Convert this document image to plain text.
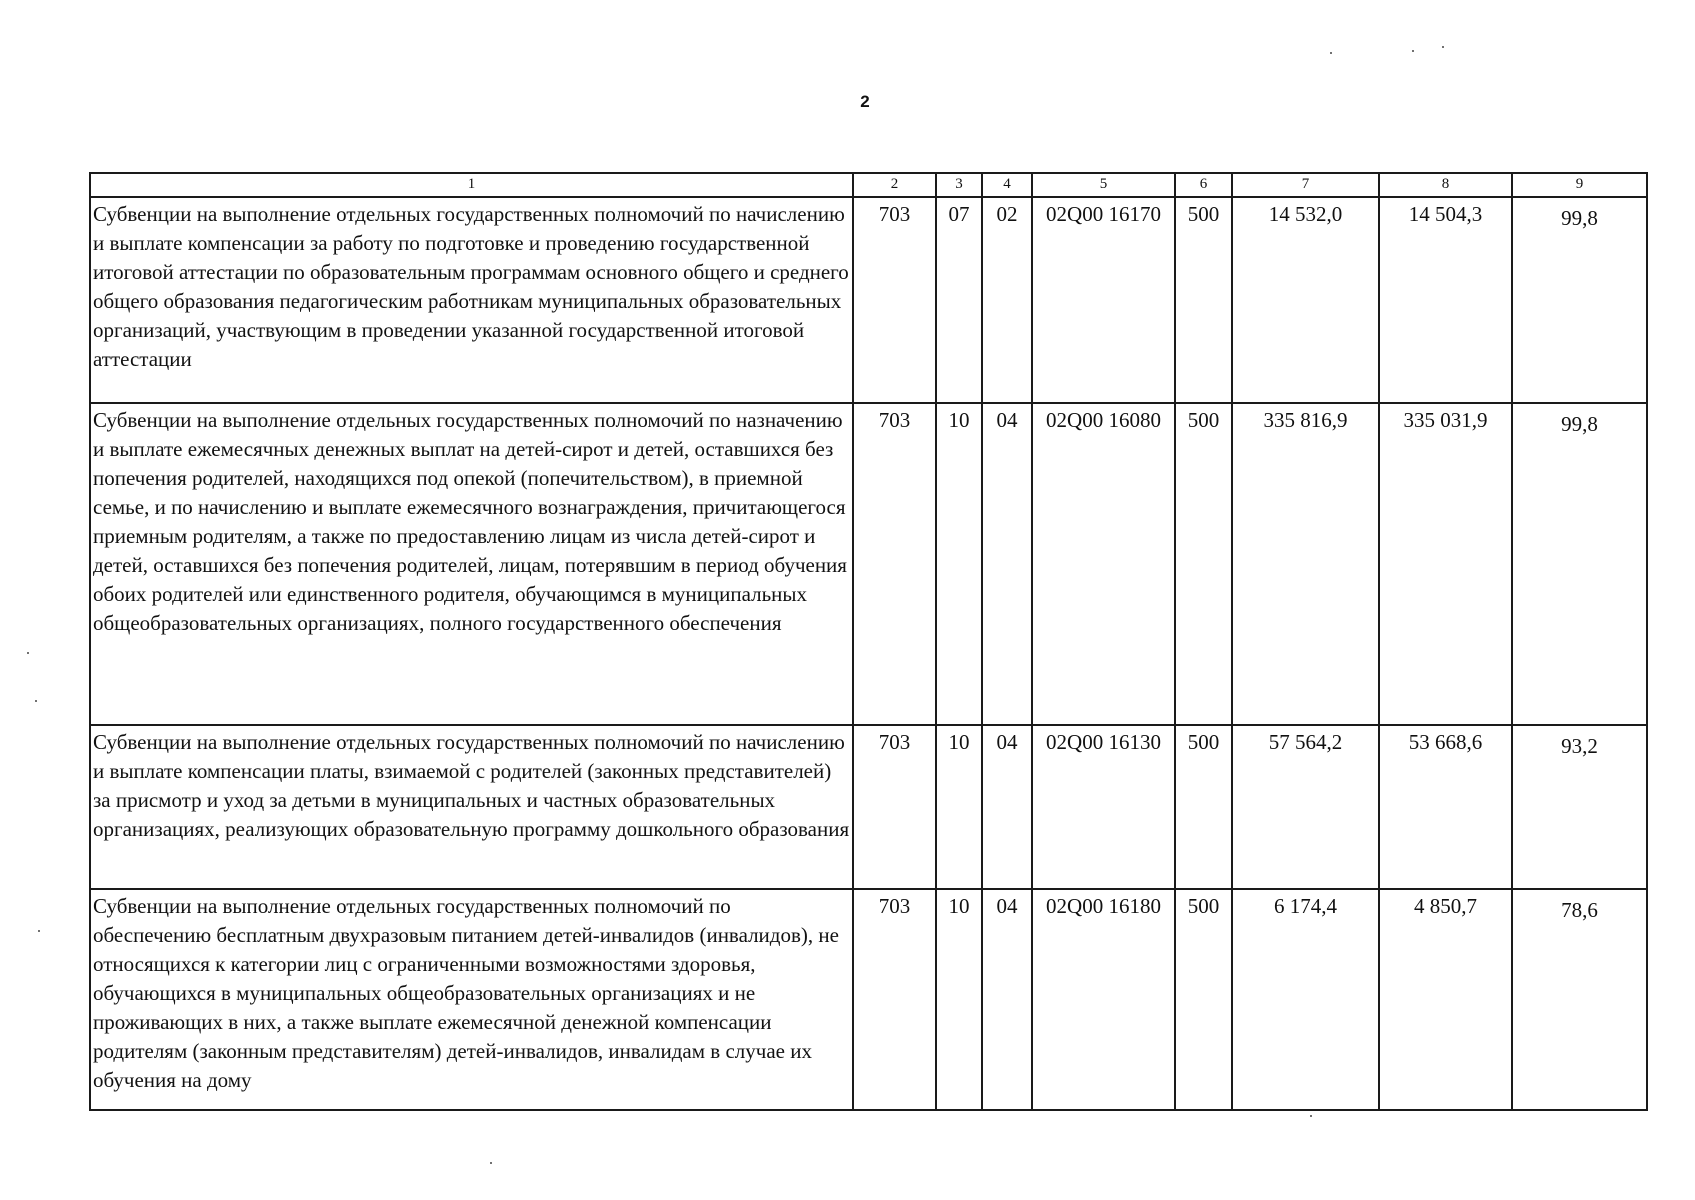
2
1	2	3	4	5	6	7	8	9
Субвенции на выполнение отдельных государственных полномочий по начислению и выплате компенсации за работу по подготовке и проведению государственной итоговой аттестации по образовательным программам основного общего и среднего общего образования педагогическим работникам муниципальных образовательных организаций, участвующим в проведении указанной государственной итоговой аттестации	703	07	02	02Q00 16170	500	14 532,0	14 504,3	99,8
Субвенции на выполнение отдельных государственных полномочий по назначению и выплате ежемесячных денежных выплат на детей-сирот и детей, оставшихся без попечения родителей, находящихся под опекой (попечительством), в приемной семье, и по начислению и выплате ежемесячного вознаграждения, причитающегося приемным родителям, а также по предоставлению лицам из числа детей-сирот и детей, оставшихся без попечения родителей, лицам, потерявшим в период обучения обоих родителей или единственного родителя, обучающимся в муниципальных общеобразовательных организациях, полного государственного обеспечения	703	10	04	02Q00 16080	500	335 816,9	335 031,9	99,8
Субвенции на выполнение отдельных государственных полномочий по начислению и выплате компенсации платы, взимаемой с родителей (законных представителей) за присмотр и уход за детьми в муниципальных и частных образовательных организациях, реализующих образовательную программу дошкольного образования	703	10	04	02Q00 16130	500	57 564,2	53 668,6	93,2
Субвенции на выполнение отдельных государственных полномочий по обеспечению бесплатным двухразовым питанием детей-инвалидов (инвалидов), не относящихся к категории лиц с ограниченными возможностями здоровья, обучающихся в муниципальных общеобразовательных организациях и не проживающих в них, а также выплате ежемесячной денежной компенсации родителям (законным представителям) детей-инвалидов, инвалидам в случае их обучения на дому	703	10	04	02Q00 16180	500	6 174,4	4 850,7	78,6
